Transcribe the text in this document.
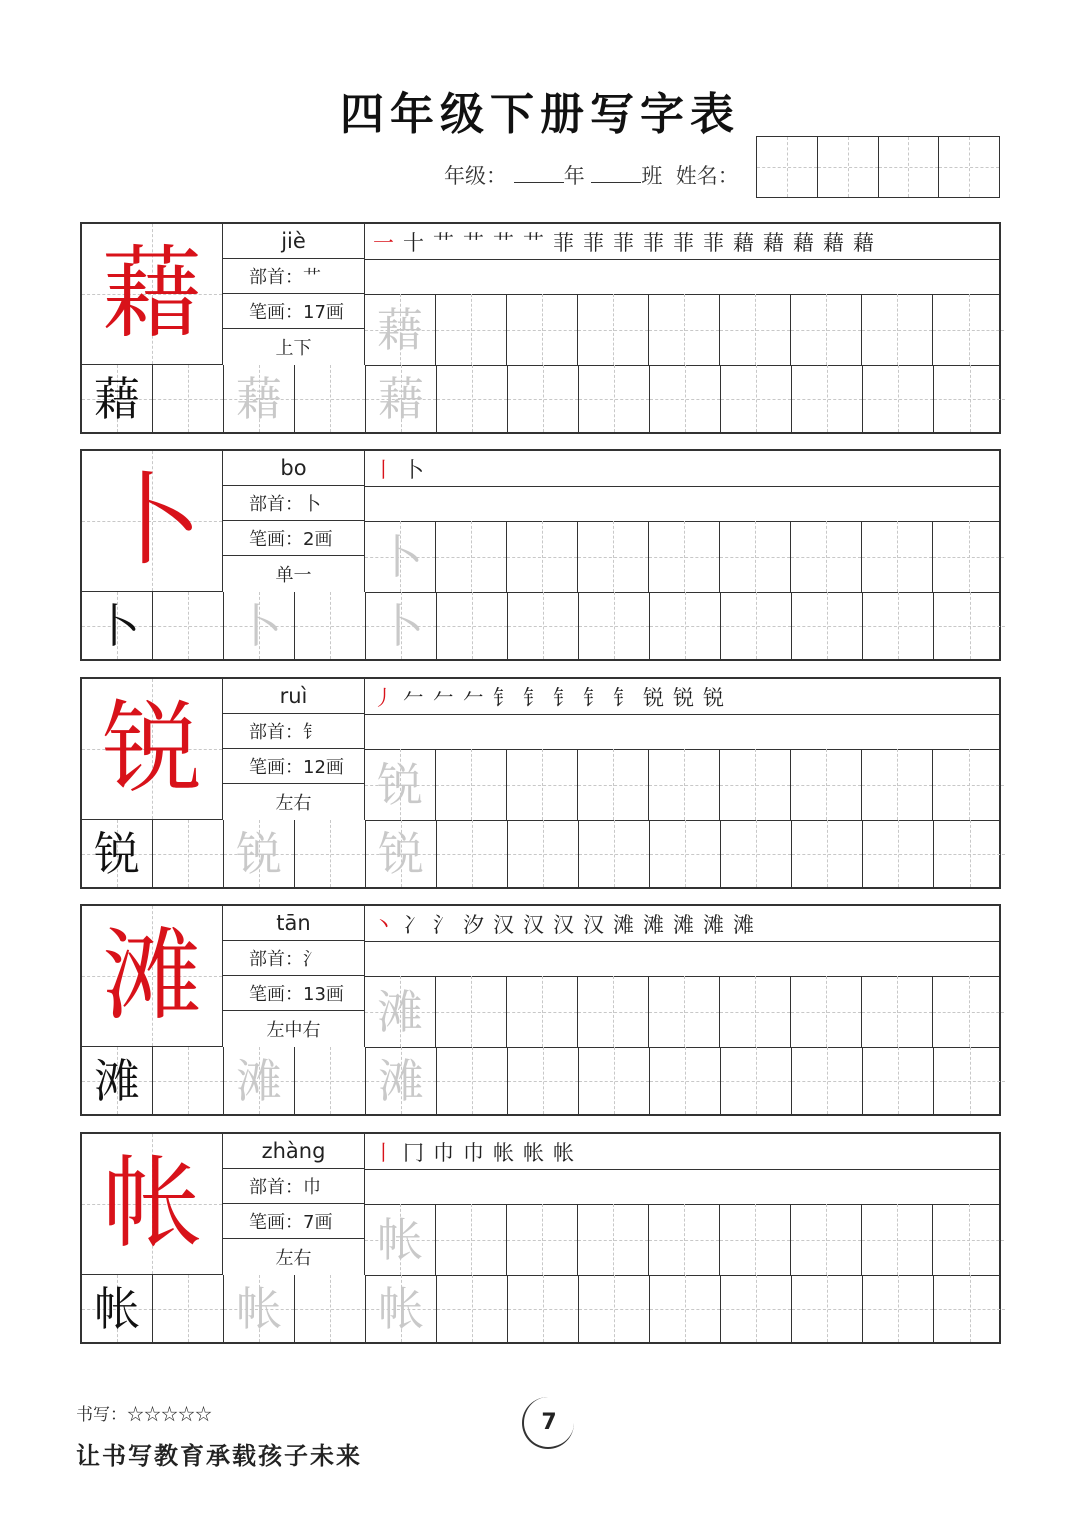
四年级下册写字表
年级：	年	班 姓名：
藉	jiè
部首：艹
笔画：17画
上下
一 十 艹 艹 艹 艹 菲 菲 菲 菲 菲 菲 藉 藉 藉 藉 藉
藉
藉 藉 藉
卜	bo
部首：卜
笔画：2画
单一
丨 卜
卜
卜 卜 卜
锐	ruì
部首：钅
笔画：12画
左右
丿 𠂉 𠂉 𠂉 钅 钅 钅 钅 钅 锐 锐 锐
锐
锐 锐 锐
滩	tān
部首：氵
笔画：13画
左中右
丶 冫 氵 汐 汉 汉 汉 汉 滩 滩 滩 滩 滩
滩
滩 滩 滩
帐	zhàng
部首：巾
笔画：7画
左右
丨 冂 巾 巾 帐 帐 帐
帐
帐 帐 帐
书写：☆☆☆☆☆
让书写教育承载孩子未来
7
